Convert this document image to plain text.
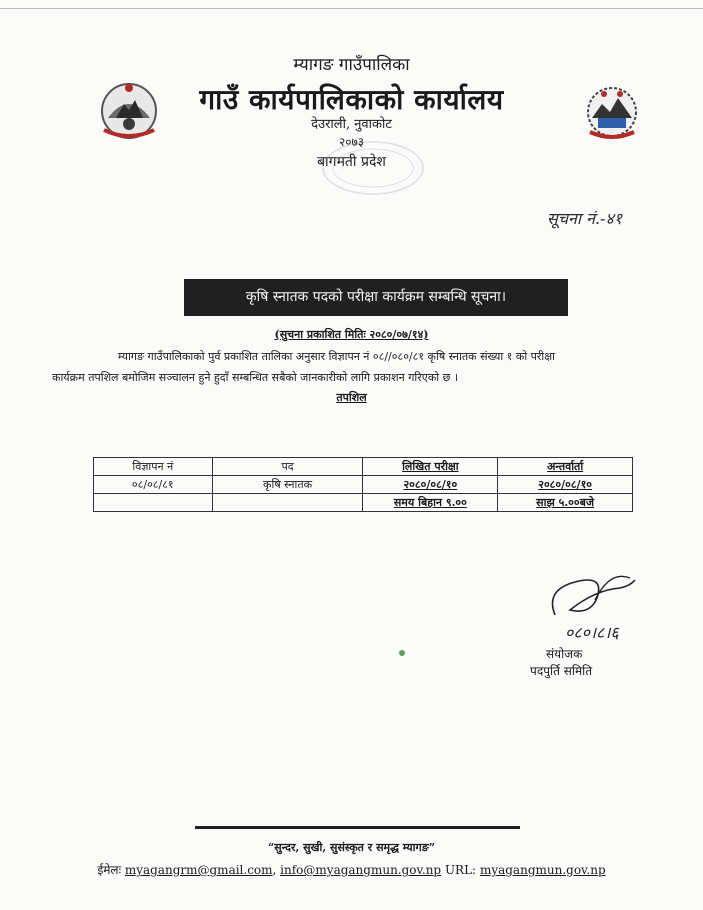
म्यागङ गाउँपालिका
गाउँ कार्यपालिकाको कार्यालय
देउराली, नुवाकोट
२०७३
बागमती प्रदेश
सूचना नं.-४१
कृषि स्नातक पदको परीक्षा कार्यक्रम सम्बन्धि सूचना।
(सुचना प्रकाशित मितिः २०८०/०७/१४)
म्यागङ गाउँपालिकाको पुर्व प्रकाशित तालिका अनुसार विज्ञापन नं ०८//०८०/८१ कृषि स्नातक संख्या १ को परीक्षा
कार्यक्रम तपशिल बमोजिम सञ्चालन हुने हुदाँ सम्बन्धित सबैको जानकारीको लागि प्रकाशन गरिएको छ ।
तपशिल
विज्ञापन नं	पद	लिखित परीक्षा	अन्तर्वार्ता
०८/०८/८१	कृषि स्नातक	२०८०/०८/१०	२०८०/०८/१०
		समय बिहान ९.००	साझ ५.००बजे
०८०।८।६
संयोजक
पदपुर्ति समिति
“सुन्दर, सुखी, सुसंस्कृत र समृद्ध म्यागङ”
ईमेलः myagangrm@gmail.com, info@myagangmun.gov.np URL: myagangmun.gov.np
